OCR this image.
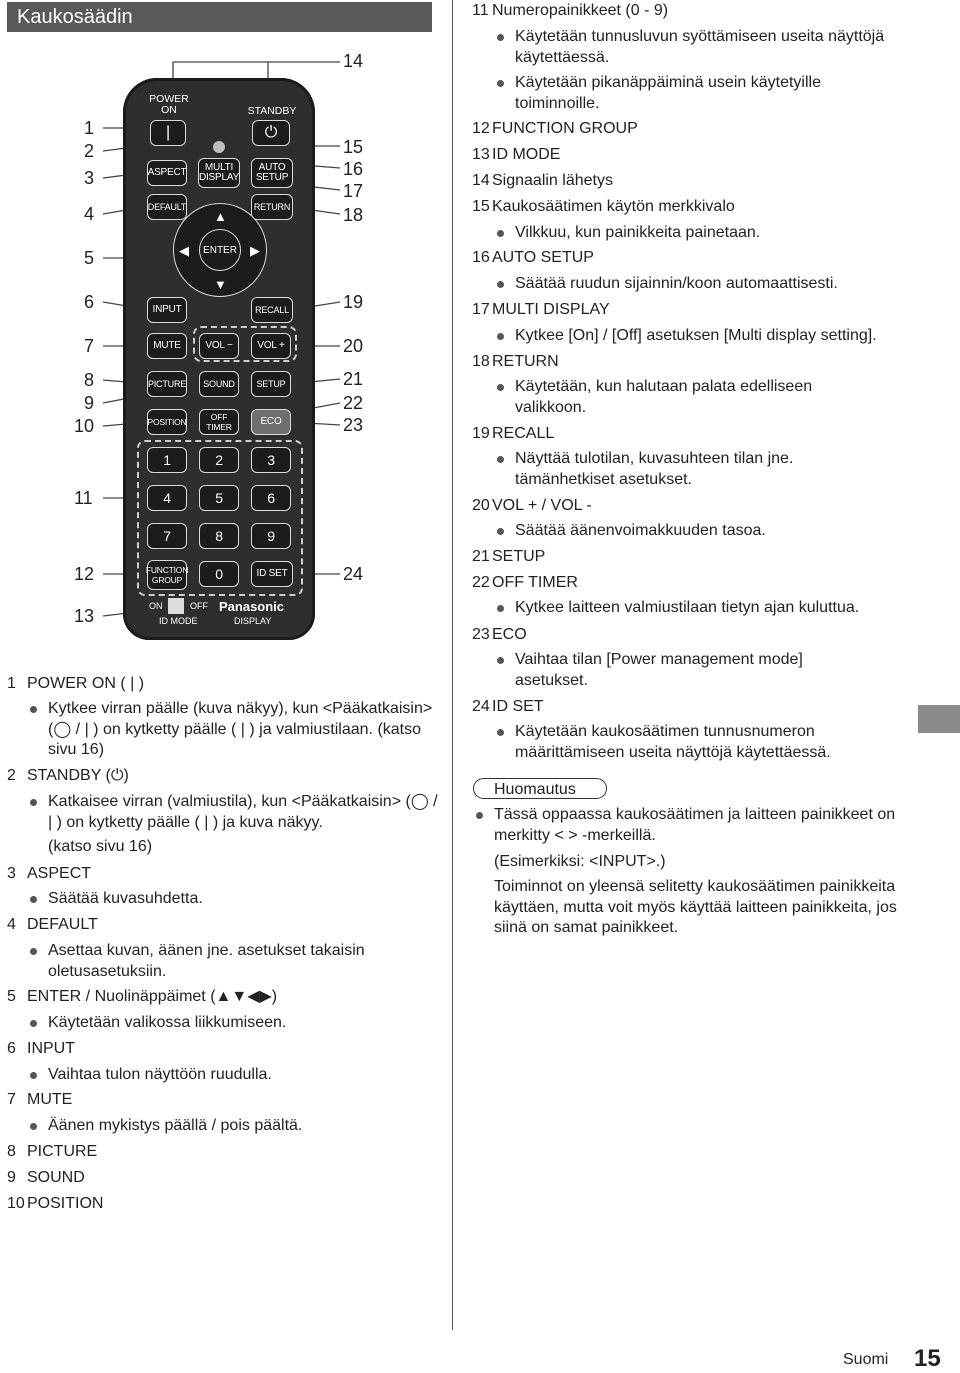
Kaukosäädin
1
2
3
4
5
6
7
8
9
10
11
12
13
14
15
16
17
18
19
20
21
22
23
24
POWER
ON
|
STANDBY
⏻
ASPECT	MULTI
DISPLAY
AUTO
SETUP
DEFAULT	RETURN
ENTER
▲
▼
◀	▶
INPUT	RECALL
MUTE	VOL −	VOL +
PICTURE	SOUND	SETUP
POSITION	OFF TIMER	ECO
1	2	3
4	5	6
7	8	9
FUNCTION
GROUP	0	ID SET
ON	OFF
ID MODE
Panasonic
DISPLAY
1 POWER ON ( | )
Kytkee virran päälle (kuva näkyy), kun <Pääkatkaisin> (◯ / | ) on kytketty päälle ( | ) ja valmiustilaan. (katso sivu 16)
2 STANDBY (⏻)
Katkaisee virran (valmiustila), kun <Pääkatkaisin> (◯ / | ) on kytketty päälle ( | ) ja kuva näkyy.
(katso sivu 16)
3 ASPECT
Säätää kuvasuhdetta.
4 DEFAULT
Asettaa kuvan, äänen jne. asetukset takaisin oletusasetuksiin.
5 ENTER / Nuolinäppäimet (▲▼◀▶)
Käytetään valikossa liikkumiseen.
6 INPUT
Vaihtaa tulon näyttöön ruudulla.
7 MUTE
Äänen mykistys päällä / pois päältä.
8 PICTURE
9 SOUND
10 POSITION
11 Numeropainikkeet (0 - 9)
Käytetään tunnusluvun syöttämiseen useita näyttöjä käytettäessä.
Käytetään pikanäppäiminä usein käytetyille toiminnoille.
12 FUNCTION GROUP
13 ID MODE
14 Signaalin lähetys
15 Kaukosäätimen käytön merkkivalo
Vilkkuu, kun painikkeita painetaan.
16 AUTO SETUP
Säätää ruudun sijainnin/koon automaattisesti.
17 MULTI DISPLAY
Kytkee [On] / [Off] asetuksen [Multi display setting].
18 RETURN
Käytetään, kun halutaan palata edelliseen valikkoon.
19 RECALL
Näyttää tulotilan, kuvasuhteen tilan jne. tämänhetkiset asetukset.
20 VOL + / VOL -
Säätää äänenvoimakkuuden tasoa.
21 SETUP
22 OFF TIMER
Kytkee laitteen valmiustilaan tietyn ajan kuluttua.
23 ECO
Vaihtaa tilan [Power management mode] asetukset.
24 ID SET
Käytetään kaukosäätimen tunnusnumeron määrittämiseen useita näyttöjä käytettäessä.
Huomautus
Tässä oppaassa kaukosäätimen ja laitteen painikkeet on merkitty < > -merkeillä.
(Esimerkiksi: <INPUT>.)
Toiminnot on yleensä selitetty kaukosäätimen painikkeita käyttäen, mutta voit myös käyttää laitteen painikkeita, jos siinä on samat painikkeet.
Suomi 15
